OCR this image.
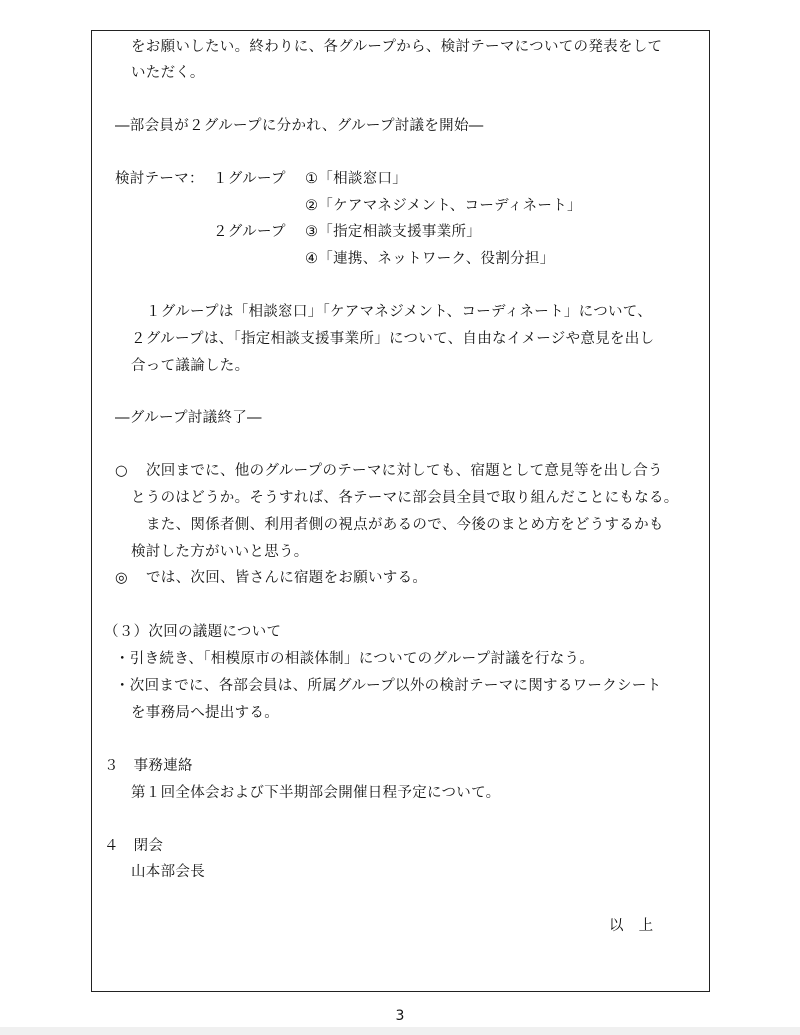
をお願いしたい。終わりに、各グループから、検討テーマについての発表をして
いただく。
―部会員が２グループに分かれ、グループ討議を開始―
検討テーマ： １グループ ①「相談窓口」
②「ケアマネジメント、コーディネート」
２グループ ③「指定相談支援事業所」
④「連携、ネットワーク、役割分担」
１グループは「相談窓口」「ケアマネジメント、コーディネート」について、
２グループは、「指定相談支援事業所」について、自由なイメージや意見を出し
合って議論した。
―グループ討議終了―
○ 次回までに、他のグループのテーマに対しても、宿題として意見等を出し合う
とうのはどうか。そうすれば、各テーマに部会員全員で取り組んだことにもなる。
また、関係者側、利用者側の視点があるので、今後のまとめ方をどうするかも
検討した方がいいと思う。
◎ では、次回、皆さんに宿題をお願いする。
（３）次回の議題について
・引き続き、「相模原市の相談体制」についてのグループ討議を行なう。
・次回までに、各部会員は、所属グループ以外の検討テーマに関するワークシート
を事務局へ提出する。
３　事務連絡
第１回全体会および下半期部会開催日程予定について。
４　閉会
山本部会長
以　上
3
